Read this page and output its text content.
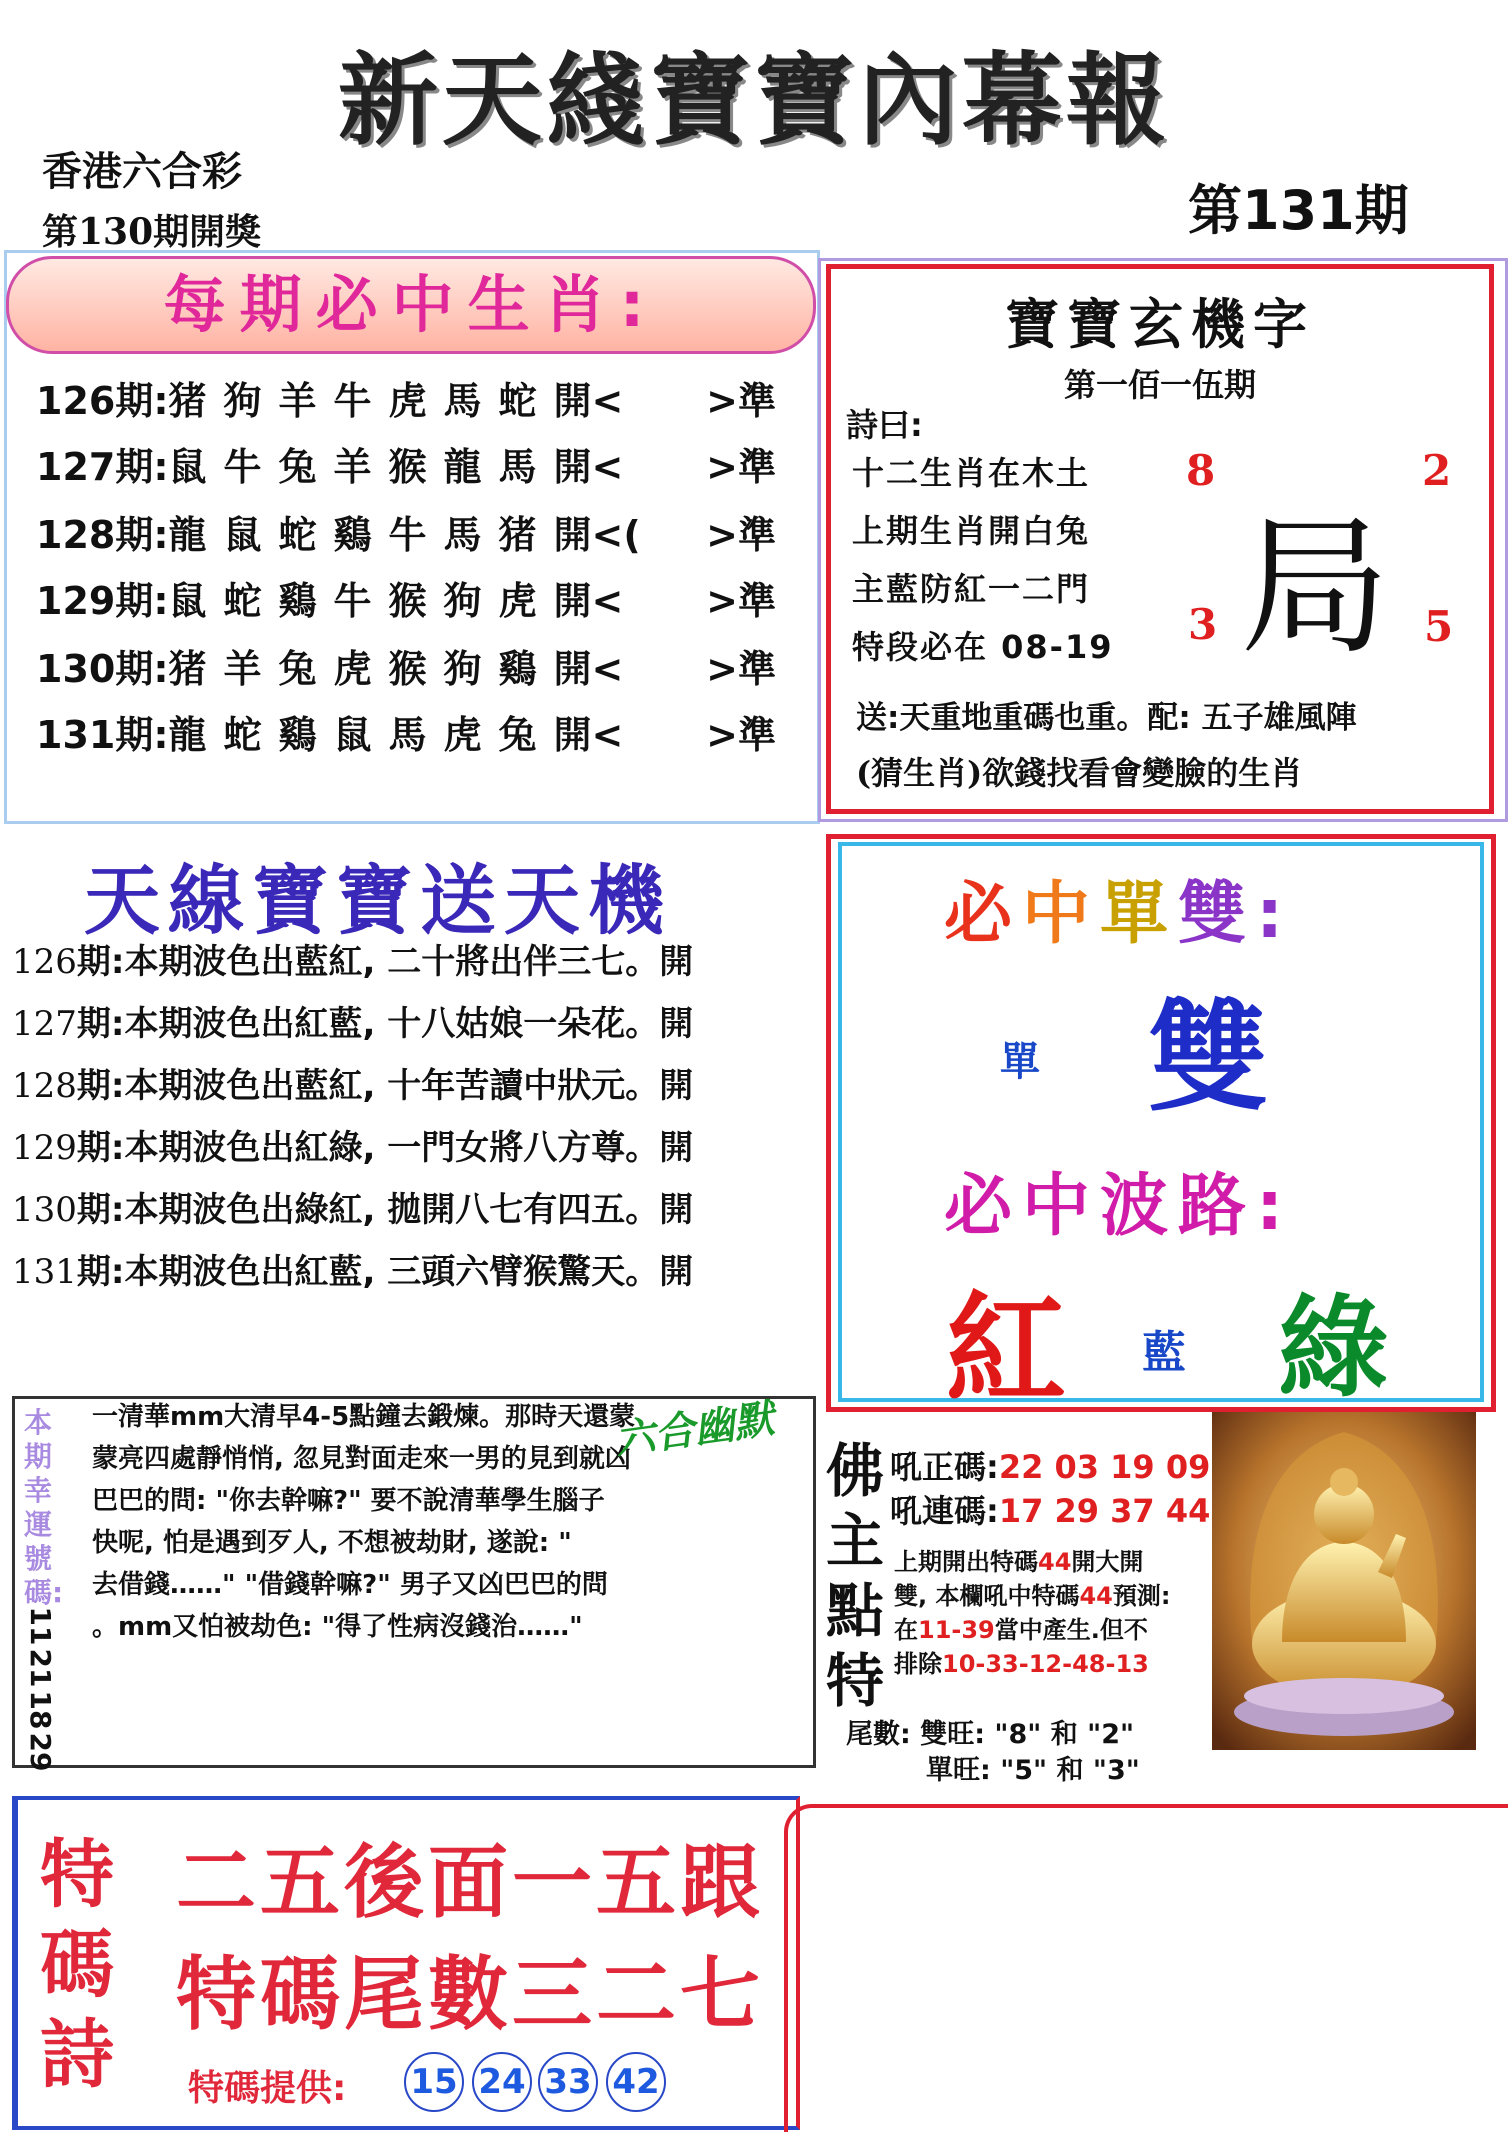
新天綫寶寶內幕報
香港六合彩
第130期開獎	第131期
每期必中生肖:
126期:猪狗羊牛虎馬蛇開< >準
127期:鼠牛兔羊猴龍馬開< >準
128期:龍鼠蛇鷄牛馬猪開<( >準
129期:鼠蛇鷄牛猴狗虎開< >準
130期:猪羊兔虎猴狗鷄開< >準
131期:龍蛇鷄鼠馬虎兔開< >準
寶寶玄機字
第一佰一伍期
詩曰:
十二生肖在木土
上期生肖開白兔
主藍防紅一二門
特段必在 08-19
8	2
3	5
局
送:天重地重碼也重。配: 五子雄風陣
(猜生肖)欲錢找看會變臉的生肖
天線寶寶送天機
126期:本期波色出藍紅, 二十將出伴三七。開
127期:本期波色出紅藍, 十八姑娘一朵花。開
128期:本期波色出藍紅, 十年苦讀中狀元。開
129期:本期波色出紅綠, 一門女將八方尊。開
130期:本期波色出綠紅, 拋開八七有四五。開
131期:本期波色出紅藍, 三頭六臂猴驚天。開
必中單雙:
單 雙
必中波路:
紅 藍 綠
本期幸運號碼:
11
21
18
29
一清華mm大清早4-5點鐘去鍛煉。那時天還蒙
蒙亮四處靜悄悄, 忽見對面走來一男的見到就凶
巴巴的問: "你去幹嘛?" 要不說清華學生腦子
快呢, 怕是遇到歹人, 不想被劫財, 遂說: "
去借錢……" "借錢幹嘛?" 男子又凶巴巴的問
。mm又怕被劫色: "得了性病沒錢治……"
六合幽默
佛主點特
吼正碼:22 03 19 09
吼連碼:17 29 37 44
上期開出特碼44開大開
雙, 本欄吼中特碼44預測:
在11-39當中產生.但不
排除10-33-12-48-13
尾數: 雙旺: "8" 和 "2"
單旺: "5" 和 "3"
特碼詩
二五後面一五跟
特碼尾數三二七
特碼提供: 15 24 33 42
